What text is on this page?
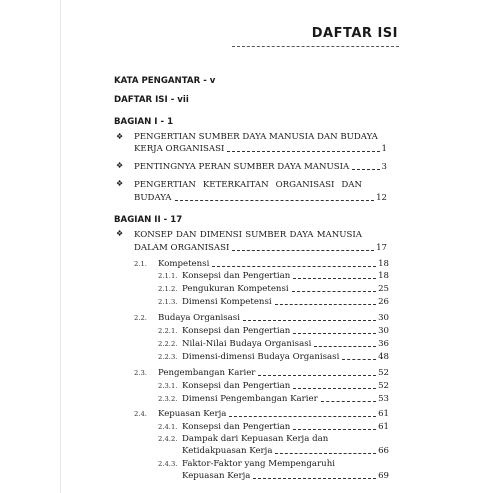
DAFTAR ISI
KATA PENGANTAR - v
DAFTAR ISI - vii
BAGIAN I - 1
❖ PENGERTIAN SUMBER DAYA MANUSIA DAN BUDAYA
KERJA ORGANISASI	1
❖ PENTINGNYA PERAN SUMBER DAYA MANUSIA	3
❖ PENGERTIAN KETERKAITAN ORGANISASI DAN
BUDAYA	12
BAGIAN II - 17
❖ KONSEP DAN DIMENSI SUMBER DAYA MANUSIA
DALAM ORGANISASI	17
2.1. Kompetensi	18
2.1.1. Konsepsi dan Pengertian	18
2.1.2. Pengukuran Kompetensi	25
2.1.3. Dimensi Kompetensi	26
2.2. Budaya Organisasi	30
2.2.1. Konsepsi dan Pengertian	30
2.2.2. Nilai-Nilai Budaya Organisasi	36
2.2.3. Dimensi-dimensi Budaya Organisasi	48
2.3. Pengembangan Karier	52
2.3.1. Konsepsi dan Pengertian	52
2.3.2. Dimensi Pengembangan Karier	53
2.4. Kepuasan Kerja	61
2.4.1. Konsepsi dan Pengertian	61
2.4.2. Dampak dari Kepuasan Kerja dan
Ketidakpuasan Kerja	66
2.4.3. Faktor-Faktor yang Mempengaruhi
Kepuasan Kerja	69
